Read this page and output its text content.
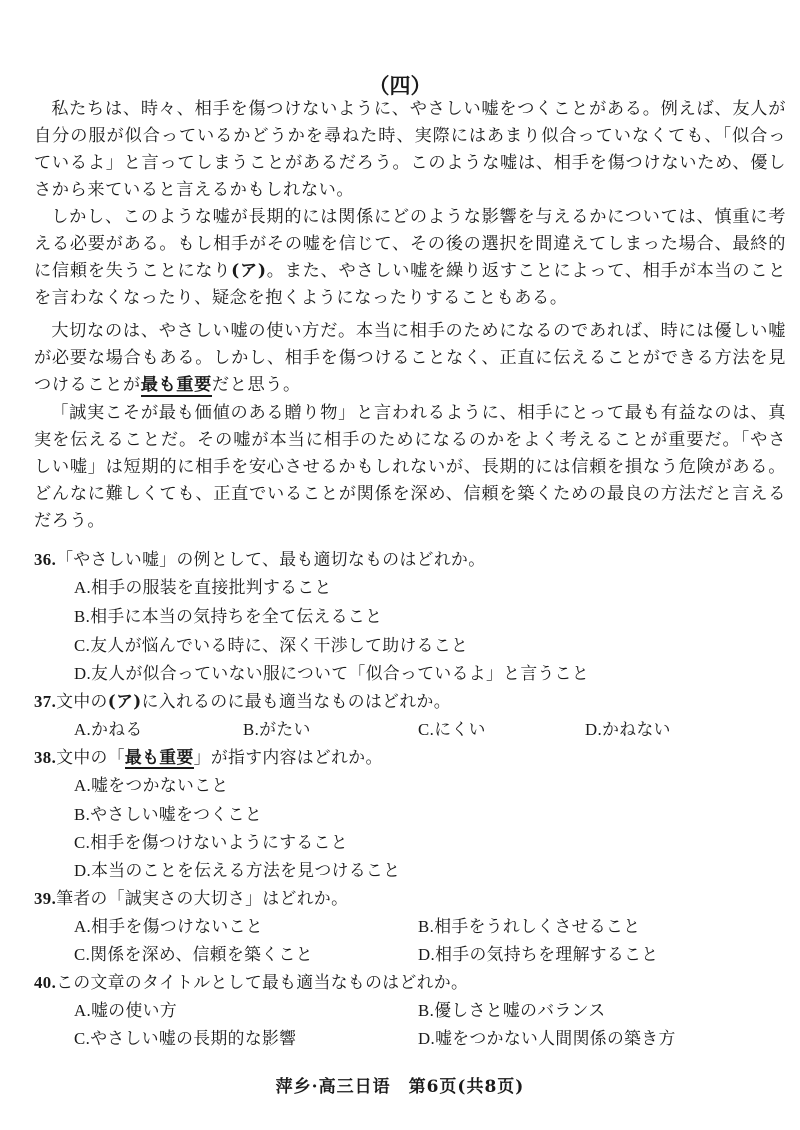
（四）

私たちは、時々、相手を傷つけないように、やさしい嘘をつくことがある。例えば、友人が自分の服が似合っているかどうかを尋ねた時、実際にはあまり似合っていなくても、「似合っているよ」と言ってしまうことがあるだろう。このような嘘は、相手を傷つけないため、優しさから来ていると言えるかもしれない。

しかし、このような嘘が長期的には関係にどのような影響を与えるかについては、慎重に考える必要がある。もし相手がその嘘を信じて、その後の選択を間違えてしまった場合、最終的に信頼を失うことになり(ア)。また、やさしい嘘を繰り返すことによって、相手が本当のことを言わなくなったり、疑念を抱くようになったりすることもある。

大切なのは、やさしい嘘の使い方だ。本当に相手のためになるのであれば、時には優しい嘘が必要な場合もある。しかし、相手を傷つけることなく、正直に伝えることができる方法を見つけることが最も重要だと思う。

「誠実こそが最も価値のある贈り物」と言われるように、相手にとって最も有益なのは、真実を伝えることだ。その嘘が本当に相手のためになるのかをよく考えることが重要だ。「やさしい嘘」は短期的に相手を安心させるかもしれないが、長期的には信頼を損なう危険がある。どんなに難しくても、正直でいることが関係を深め、信頼を築くための最良の方法だと言えるだろう。

36.「やさしい嘘」の例として、最も適切なものはどれか。
A.相手の服装を直接批判すること
B.相手に本当の気持ちを全て伝えること
C.友人が悩んでいる時に、深く干渉して助けること
D.友人が似合っていない服について「似合っているよ」と言うこと
37.文中の(ア)に入れるのに最も適当なものはどれか。
A.かねる	B.がたい	C.にくい	D.かねない
38.文中の「最も重要」が指す内容はどれか。
A.嘘をつかないこと
B.やさしい嘘をつくこと
C.相手を傷つけないようにすること
D.本当のことを伝える方法を見つけること
39.筆者の「誠実さの大切さ」はどれか。
A.相手を傷つけないこと	B.相手をうれしくさせること
C.関係を深め、信頼を築くこと	D.相手の気持ちを理解すること
40.この文章のタイトルとして最も適当なものはどれか。
A.嘘の使い方	B.優しさと嘘のバランス
C.やさしい嘘の長期的な影響	D.嘘をつかない人間関係の築き方
萍乡·高三日语　第6页(共8页)
